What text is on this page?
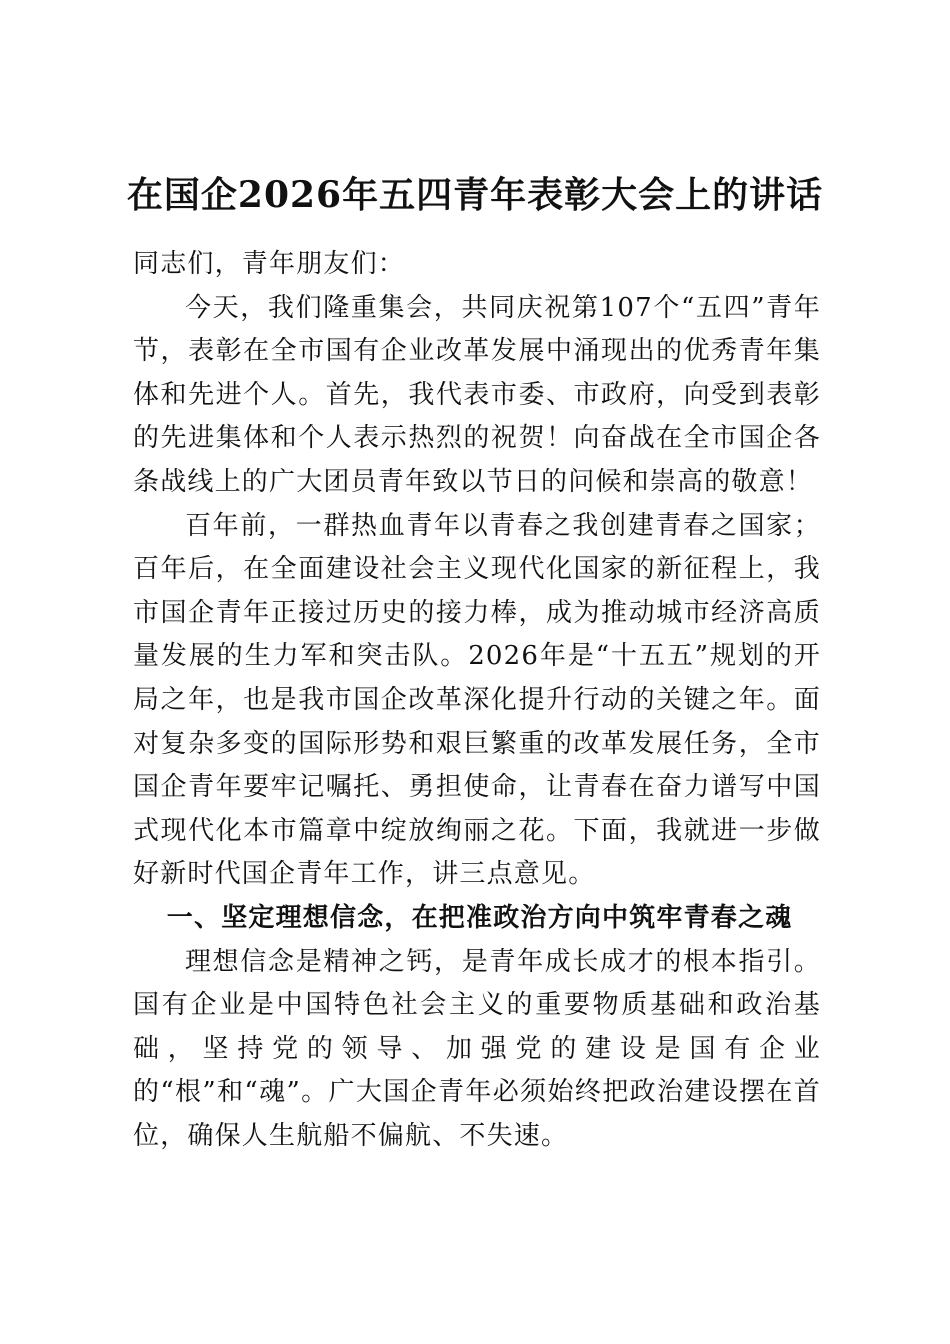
在国企2026年五四青年表彰大会上的讲话

同志们，青年朋友们：

今天，我们隆重集会，共同庆祝第107个“五四”青年节，表彰在全市国有企业改革发展中涌现出的优秀青年集体和先进个人。首先，我代表市委、市政府，向受到表彰的先进集体和个人表示热烈的祝贺！向奋战在全市国企各条战线上的广大团员青年致以节日的问候和崇高的敬意！

百年前，一群热血青年以青春之我创建青春之国家；百年后，在全面建设社会主义现代化国家的新征程上，我市国企青年正接过历史的接力棒，成为推动城市经济高质量发展的生力军和突击队。2026年是“十五五”规划的开局之年，也是我市国企改革深化提升行动的关键之年。面对复杂多变的国际形势和艰巨繁重的改革发展任务，全市国企青年要牢记嘱托、勇担使命，让青春在奋力谱写中国式现代化本市篇章中绽放绚丽之花。下面，我就进一步做好新时代国企青年工作，讲三点意见。

一、坚定理想信念，在把准政治方向中筑牢青春之魂

理想信念是精神之钙，是青年成长成才的根本指引。国有企业是中国特色社会主义的重要物质基础和政治基础，坚持党的领导、加强党的建设是国有企业的“根”和“魂”。广大国企青年必须始终把政治建设摆在首位，确保人生航船不偏航、不失速。
